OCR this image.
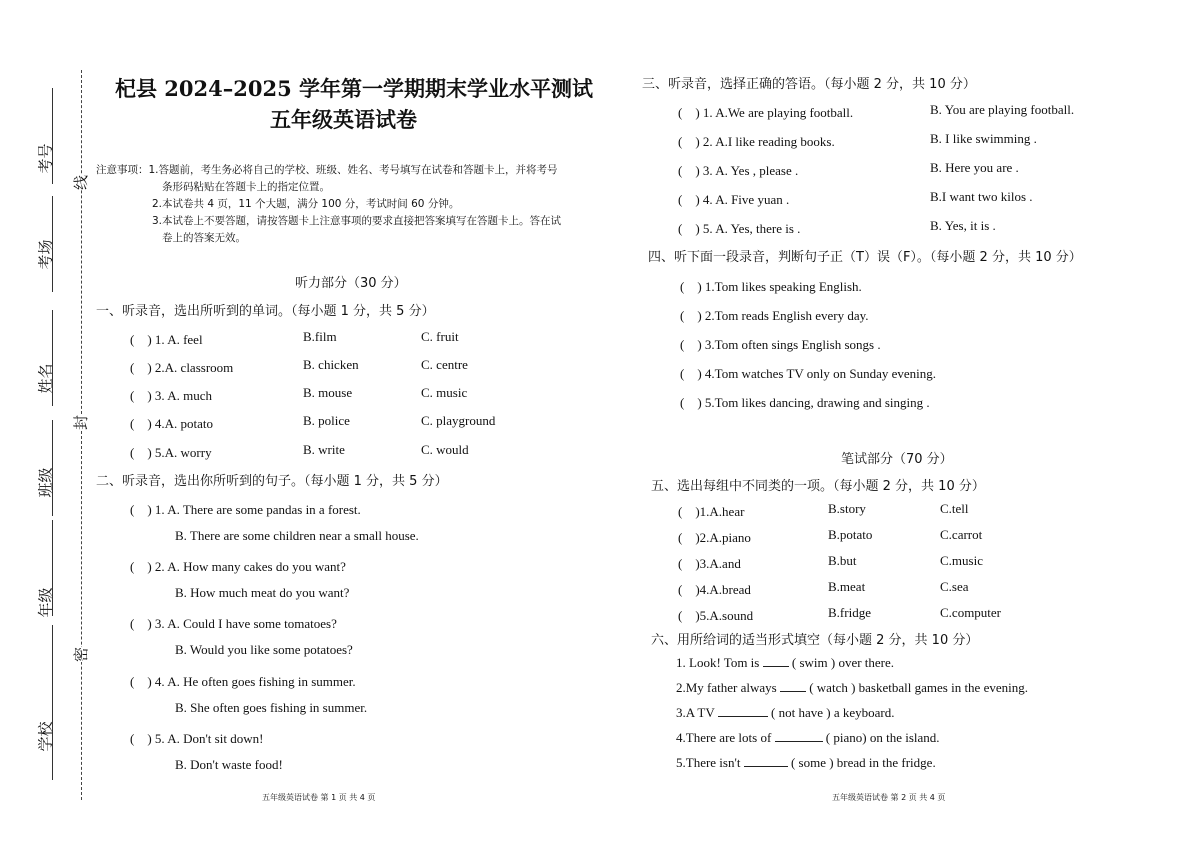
考号
考场
姓名
班级
年级
学校
线
封
密
杞县 2024–2025 学年第一学期期末学业水平测试
五年级英语试卷
注意事项：1.答题前，考生务必将自己的学校、班级、姓名、考号填写在试卷和答题卡上，并将考号
条形码粘贴在答题卡上的指定位置。
2.本试卷共 4 页，11 个大题，满分 100 分，考试时间 60 分钟。
3.本试卷上不要答题，请按答题卡上注意事项的要求直接把答案填写在答题卡上。答在试
卷上的答案无效。
听力部分（30 分）
一、听录音，选出所听到的单词。（每小题 1 分，共 5 分）
(　) 1. A. feel	B.film	C. fruit
(　) 2.A. classroom	B. chicken	C. centre
(　) 3. A. much	B. mouse	C. music
(　) 4.A. potato	B. police	C. playground
(　) 5.A. worry	B. write	C. would
二、听录音，选出你所听到的句子。（每小题 1 分，共 5 分）
(　) 1. A. There are some pandas in a forest.
B. There are some children near a small house.
(　) 2. A. How many cakes do you want?
B. How much meat do you want?
(　) 3. A. Could I have some tomatoes?
B. Would you like some potatoes?
(　) 4. A. He often goes fishing in summer.
B. She often goes fishing in summer.
(　) 5. A. Don't sit down!
B. Don't waste food!
五年级英语试卷 第 1 页 共 4 页
三、听录音，选择正确的答语。（每小题 2 分，共 10 分）
(　) 1. A.We are playing football.	B. You are playing football.
(　) 2. A.I like reading books.	B. I like swimming .
(　) 3. A. Yes , please .	B. Here you are .
(　) 4. A. Five yuan .	B.I want two kilos .
(　) 5. A. Yes, there is .	B. Yes, it is .
四、听下面一段录音，判断句子正（T）误（F）。（每小题 2 分，共 10 分）
(　) 1.Tom likes speaking English.
(　) 2.Tom reads English every day.
(　) 3.Tom often sings English songs .
(　) 4.Tom watches TV only on Sunday evening.
(　) 5.Tom likes dancing, drawing and singing .
笔试部分（70 分）
五、选出每组中不同类的一项。（每小题 2 分，共 10 分）
(　)1.A.hear	B.story	C.tell
(　)2.A.piano	B.potato	C.carrot
(　)3.A.and	B.but	C.music
(　)4.A.bread	B.meat	C.sea
(　)5.A.sound	B.fridge	C.computer
六、用所给词的适当形式填空（每小题 2 分，共 10 分）
1. Look! Tom is	( swim ) over there.
2.My father always	( watch ) basketball games in the evening.
3.A TV	( not have ) a keyboard.
4.There are lots of	( piano) on the island.
5.There isn't	( some ) bread in the fridge.
五年级英语试卷 第 2 页 共 4 页
